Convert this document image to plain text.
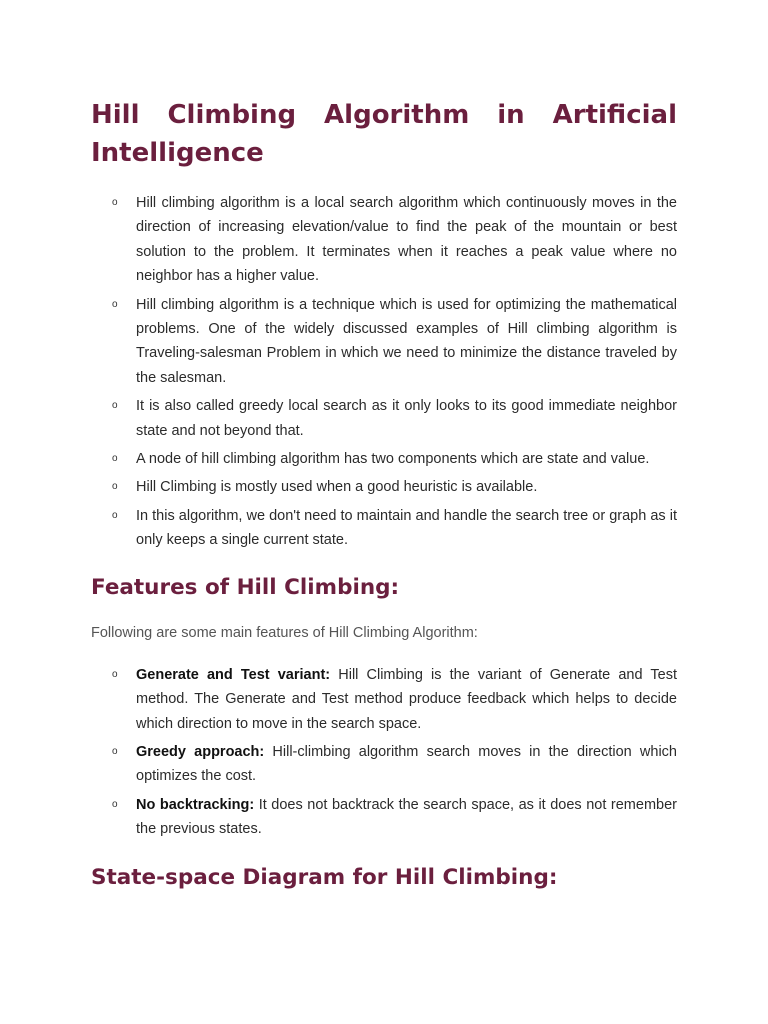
Hill Climbing Algorithm in Artificial Intelligence
o Hill climbing algorithm is a local search algorithm which continuously moves in the direction of increasing elevation/value to find the peak of the mountain or best solution to the problem. It terminates when it reaches a peak value where no neighbor has a higher value.
o Hill climbing algorithm is a technique which is used for optimizing the mathematical problems. One of the widely discussed examples of Hill climbing algorithm is Traveling-salesman Problem in which we need to minimize the distance traveled by the salesman.
o It is also called greedy local search as it only looks to its good immediate neighbor state and not beyond that.
o A node of hill climbing algorithm has two components which are state and value.
o Hill Climbing is mostly used when a good heuristic is available.
o In this algorithm, we don't need to maintain and handle the search tree or graph as it only keeps a single current state.
Features of Hill Climbing:

Following are some main features of Hill Climbing Algorithm:

o Generate and Test variant: Hill Climbing is the variant of Generate and Test method. The Generate and Test method produce feedback which helps to decide which direction to move in the search space.
o Greedy approach: Hill-climbing algorithm search moves in the direction which optimizes the cost.
o No backtracking: It does not backtrack the search space, as it does not remember the previous states.
State-space Diagram for Hill Climbing:
